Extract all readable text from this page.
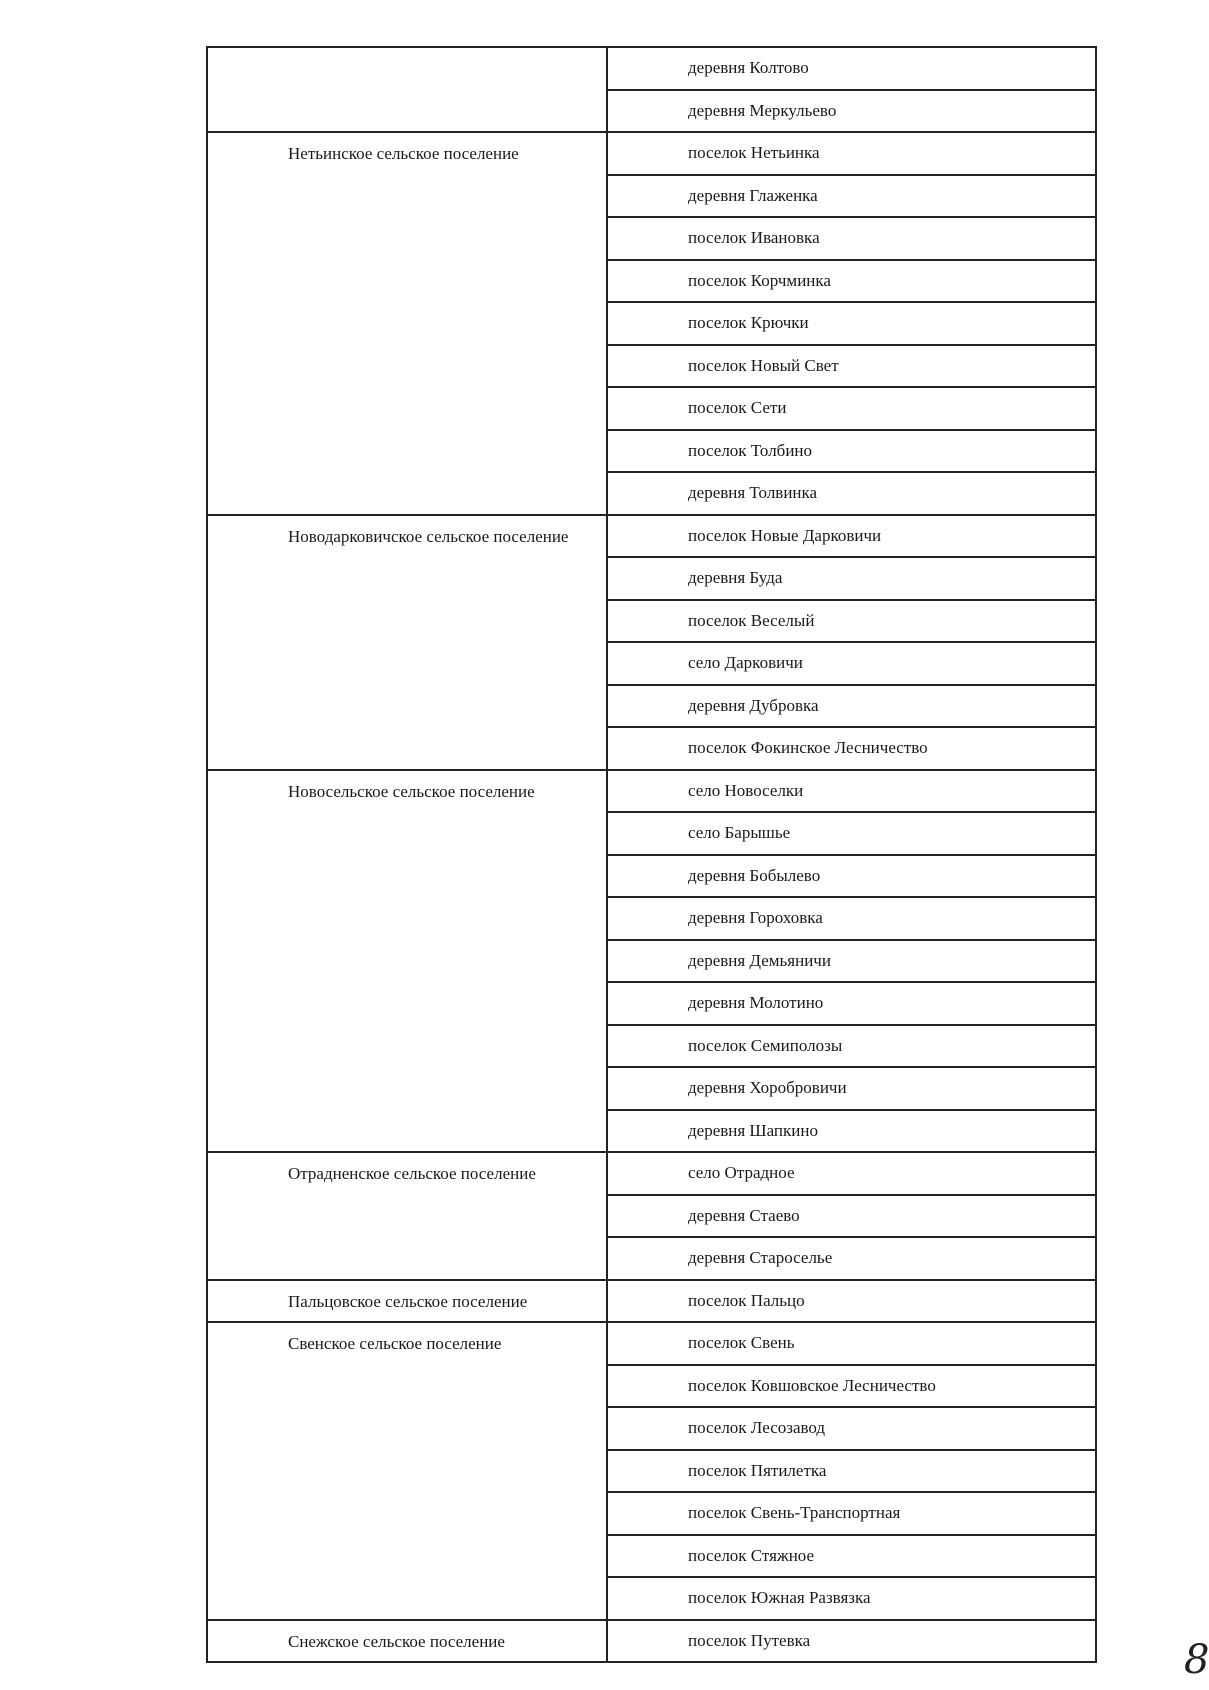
	деревня Колтово
	деревня Меркульево
Нетьинское сельское поселение	поселок Нетьинка
	деревня Глаженка
	поселок Ивановка
	поселок Корчминка
	поселок Крючки
	поселок Новый Свет
	поселок Сети
	поселок Толбино
	деревня Толвинка
Новодарковичское сельское поселение	поселок Новые Дарковичи
	деревня Буда
	поселок Веселый
	село Дарковичи
	деревня Дубровка
	поселок Фокинское Лесничество
Новосельское сельское поселение	село Новоселки
	село Барышье
	деревня Бобылево
	деревня Гороховка
	деревня Демьяничи
	деревня Молотино
	поселок Семиполозы
	деревня Хоробровичи
	деревня Шапкино
Отрадненское сельское поселение	село Отрадное
	деревня Стаево
	деревня Староселье
Пальцовское сельское поселение	поселок Пальцо
Свенское сельское поселение	поселок Свень
	поселок Ковшовское Лесничество
	поселок Лесозавод
	поселок Пятилетка
	поселок Свень-Транспортная
	поселок Стяжное
	поселок Южная Развязка
Снежское сельское поселение	поселок Путевка	8
